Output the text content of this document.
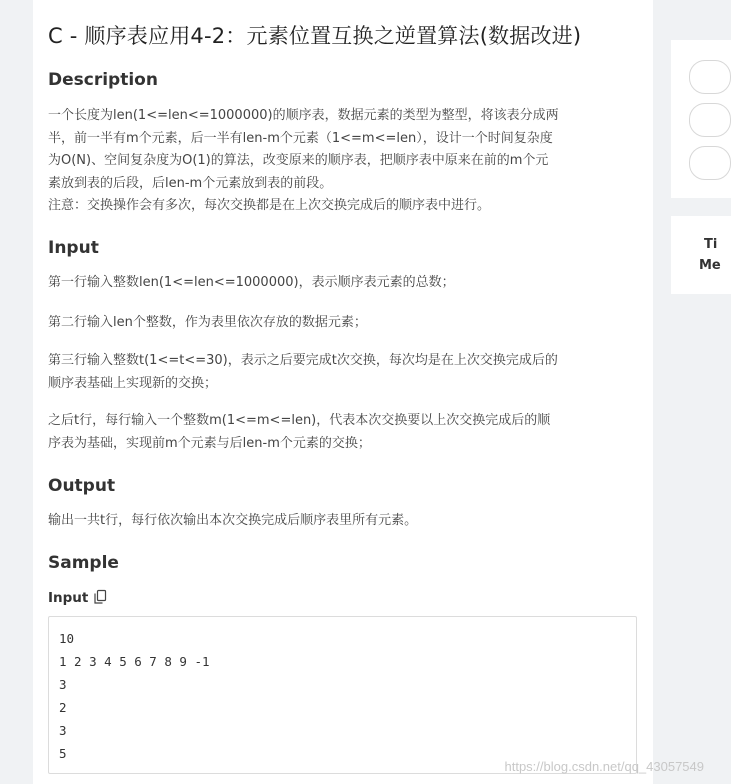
C - 顺序表应用4-2：元素位置互换之逆置算法(数据改进)
Description
一个长度为len(1<=len<=1000000)的顺序表，数据元素的类型为整型，将该表分成两
半，前一半有m个元素，后一半有len-m个元素（1<=m<=len），设计一个时间复杂度
为O(N)、空间复杂度为O(1)的算法，改变原来的顺序表，把顺序表中原来在前的m个元
素放到表的后段，后len-m个元素放到表的前段。
注意：交换操作会有多次，每次交换都是在上次交换完成后的顺序表中进行。
Input
第一行输入整数len(1<=len<=1000000)，表示顺序表元素的总数；
第二行输入len个整数，作为表里依次存放的数据元素；
第三行输入整数t(1<=t<=30)，表示之后要完成t次交换，每次均是在上次交换完成后的
顺序表基础上实现新的交换；
之后t行，每行输入一个整数m(1<=m<=len)，代表本次交换要以上次交换完成后的顺
序表为基础，实现前m个元素与后len-m个元素的交换；
Output
输出一共t行，每行依次输出本次交换完成后顺序表里所有元素。
Sample
Input
10
1 2 3 4 5 6 7 8 9 -1
3
2
3
5
Ti
Me
https://blog.csdn.net/qq_43057549
